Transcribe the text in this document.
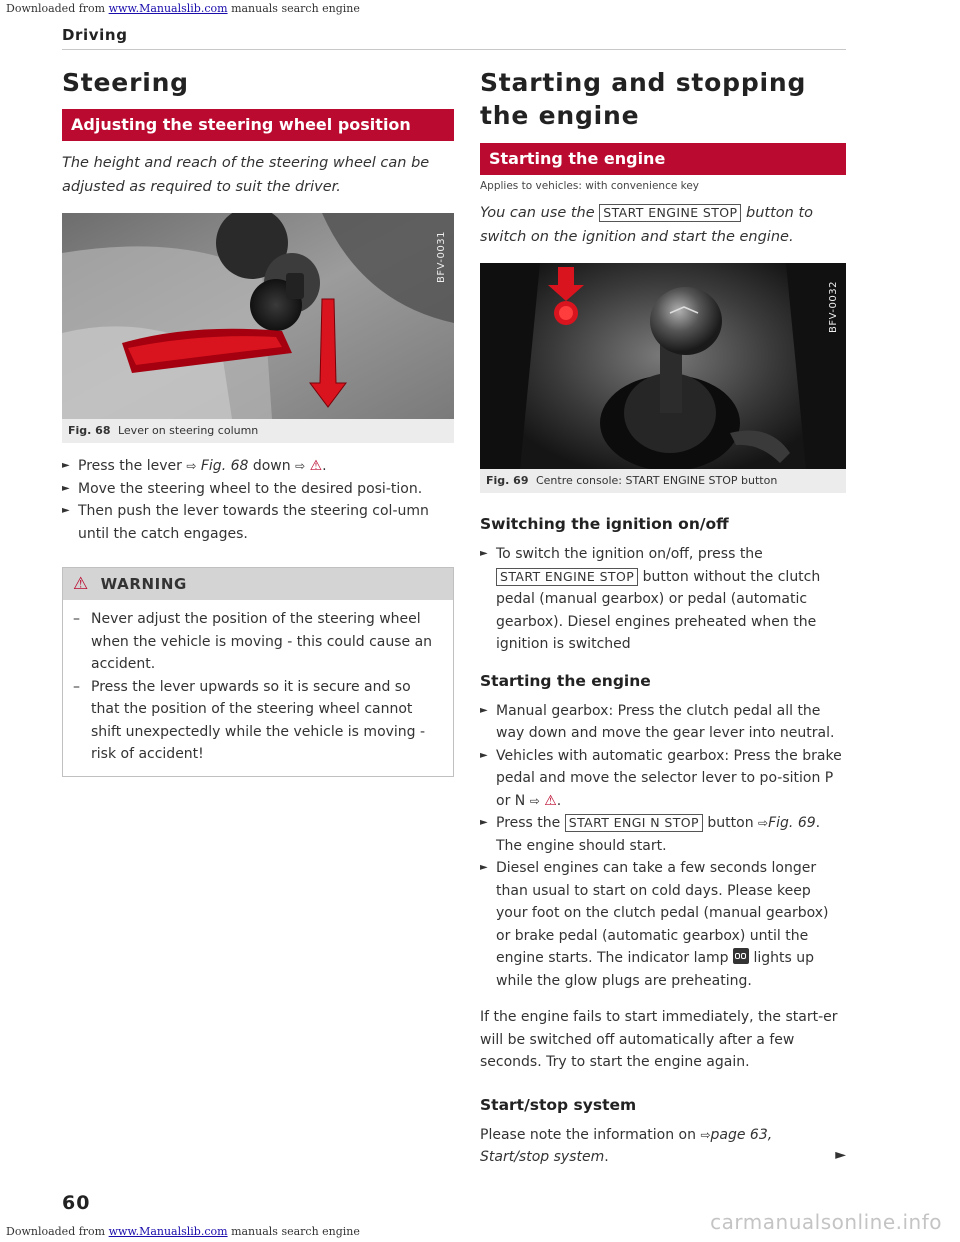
Downloaded from www.Manualslib.com manuals search engine
Driving
Steering
Adjusting the steering wheel position

The height and reach of the steering wheel can be adjusted as required to suit the driver.

BFV-0031
Fig. 68 Lever on steering column
► Press the lever ⇨ Fig. 68 down ⇨ ⚠.
► Move the steering wheel to the desired posi-tion.
► Then push the lever towards the steering col-umn until the catch engages.
⚠ WARNING
– Never adjust the position of the steering wheel when the vehicle is moving - this could cause an accident.
– Press the lever upwards so it is secure and so that the position of the steering wheel cannot shift unexpectedly while the vehicle is moving - risk of accident!
Starting and stopping the engine
Starting the engine
Applies to vehicles: with convenience key

You can use the START ENGINE STOP button to switch on the ignition and start the engine.

BFV-0032
Fig. 69 Centre console: START ENGINE STOP button
Switching the ignition on/off
► To switch the ignition on/off, press the START ENGINE STOP button without the clutch pedal (manual gearbox) or pedal (automatic gearbox). Diesel engines preheated when the ignition is switched
Starting the engine
► Manual gearbox: Press the clutch pedal all the way down and move the gear lever into neutral.
► Vehicles with automatic gearbox: Press the brake pedal and move the selector lever to po-sition P or N ⇨ ⚠.
► Press the START ENGI N STOP button ⇨Fig. 69. The engine should start.
► Diesel engines can take a few seconds longer than usual to start on cold days. Please keep your foot on the clutch pedal (manual gearbox) or brake pedal (automatic gearbox) until the engine starts. The indicator lamp lights up while the glow plugs are preheating.

If the engine fails to start immediately, the start-er will be switched off automatically after a few seconds. Try to start the engine again.

Start/stop system

Please note the information on ⇨page 63, Start/stop system.	►

60
carmanualsonline.info
Downloaded from www.Manualslib.com manuals search engine
